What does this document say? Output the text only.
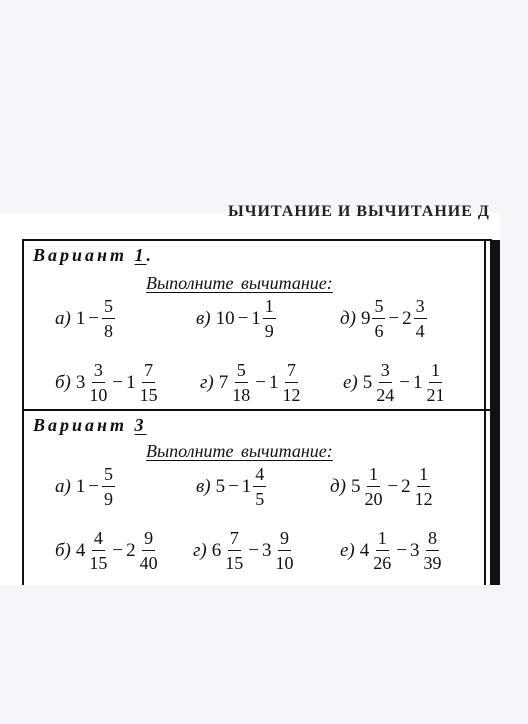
ЫЧИТАНИЕ И ВЫЧИТАНИЕ Д
Вариант 1.
Выполните вычитание:
а) $1 - \frac{5}{8}$	в) $10 - 1 \frac{1}{9}$	д) $9 \frac{5}{6} - 2 \frac{3}{4}$
б) $3 \frac{3}{10} - 1 \frac{7}{15} г$) $7 \frac{5}{18} - 1 \frac{7}{12} е$) $5 \frac{3}{24} - 1 \frac{1}{21}$
Вариант 3
Выполните вычитание:
а) $1 - \frac{5}{9}$	в) $5 - 1 \frac{4}{5}$	д) $5 \frac{1}{20} - 2 \frac{1}{12}$
б) $4 \frac{4}{15} - 2 \frac{9}{40} г$) $6 \frac{7}{15} - 3 \frac{9}{10} е$) $4 \frac{1}{26} - 3 \frac{8}{39}$
